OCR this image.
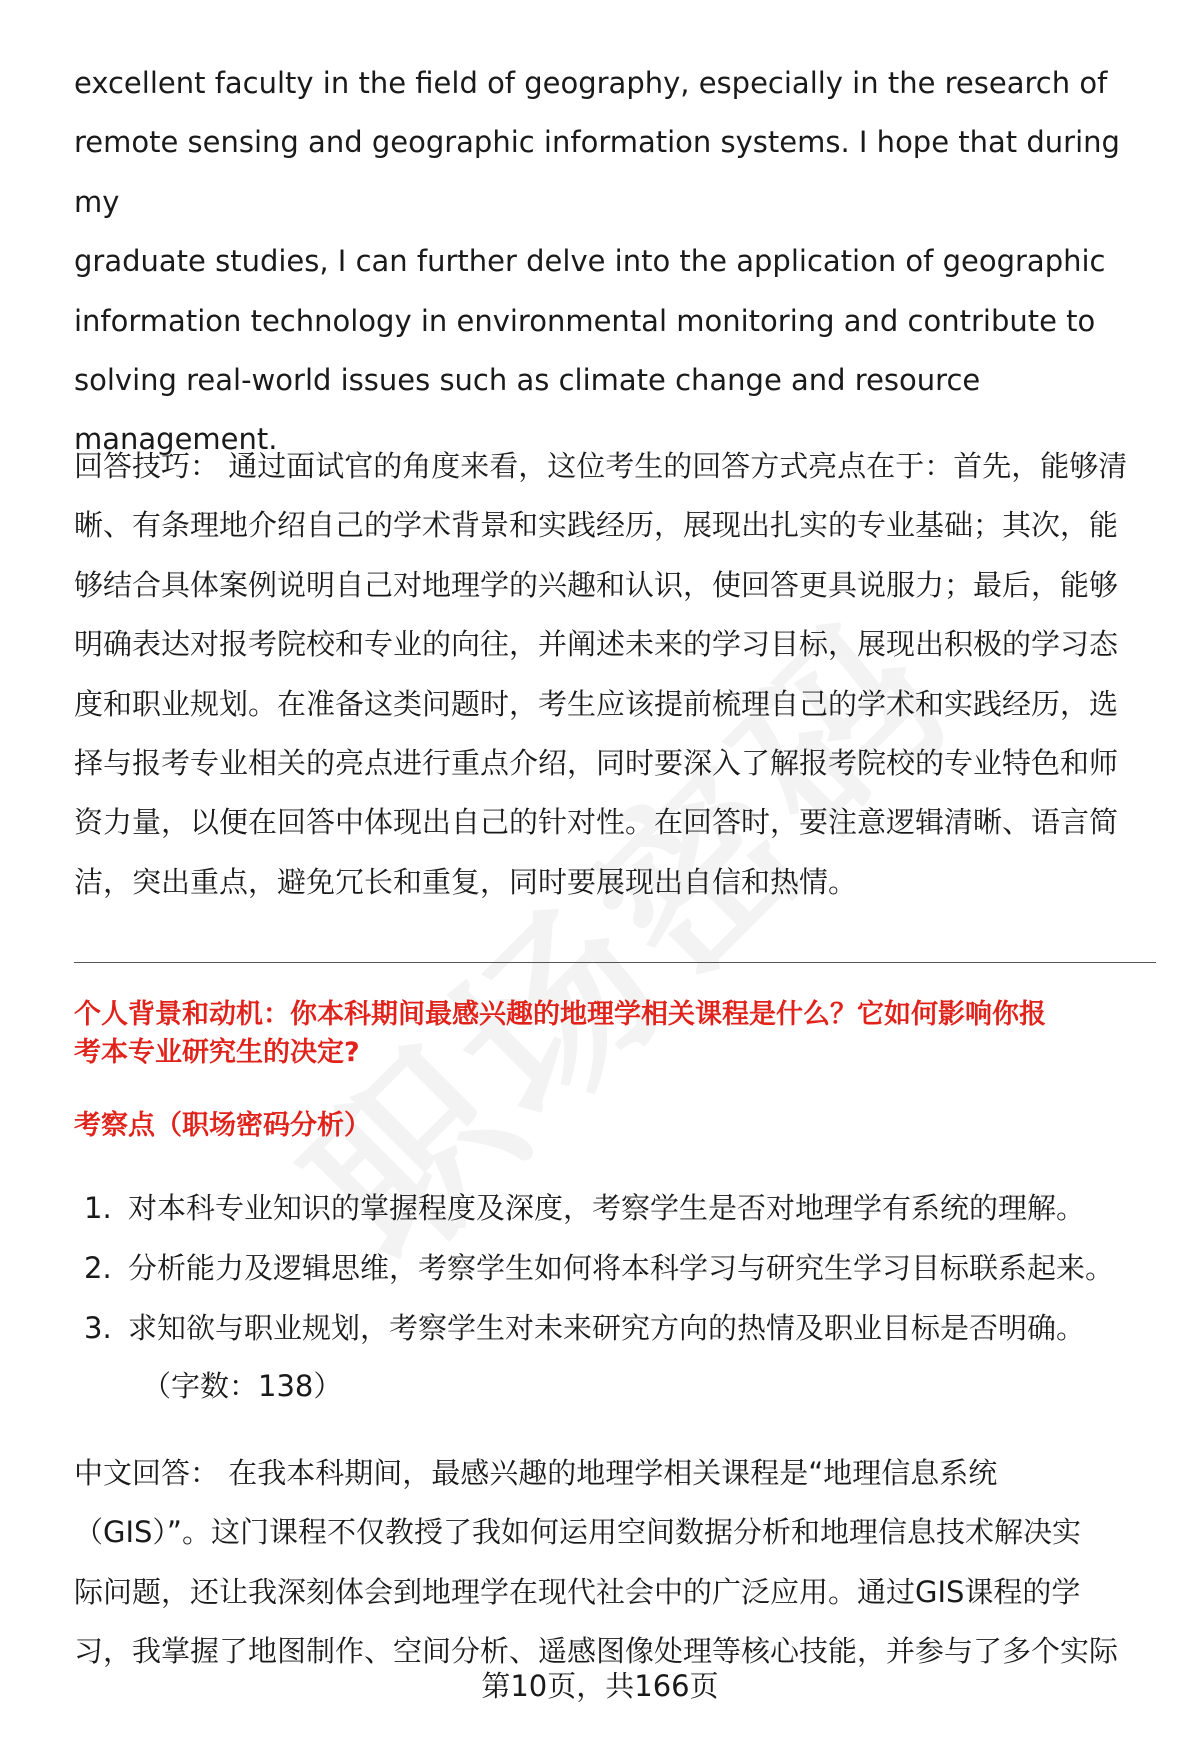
excellent faculty in the field of geography, especially in the research of

remote sensing and geographic information systems. I hope that during my

graduate studies, I can further delve into the application of geographic

information technology in environmental monitoring and contribute to

solving real-world issues such as climate change and resource

management.

回答技巧： 通过面试官的角度来看，这位考生的回答方式亮点在于：首先，能够清

晰、有条理地介绍自己的学术背景和实践经历，展现出扎实的专业基础；其次，能

够结合具体案例说明自己对地理学的兴趣和认识，使回答更具说服力；最后，能够

明确表达对报考院校和专业的向往，并阐述未来的学习目标，展现出积极的学习态

度和职业规划。在准备这类问题时，考生应该提前梳理自己的学术和实践经历，选

择与报考专业相关的亮点进行重点介绍，同时要深入了解报考院校的专业特色和师

资力量，以便在回答中体现出自己的针对性。在回答时，要注意逻辑清晰、语言简

洁，突出重点，避免冗长和重复，同时要展现出自信和热情。

个人背景和动机：你本科期间最感兴趣的地理学相关课程是什么？它如何影响你报

考本专业研究生的决定?

考察点（职场密码分析）
1. 对本科专业知识的掌握程度及深度，考察学生是否对地理学有系统的理解。
2. 分析能力及逻辑思维，考察学生如何将本科学习与研究生学习目标联系起来。
3. 求知欲与职业规划，考察学生对未来研究方向的热情及职业目标是否明确。
（字数：138）

中文回答： 在我本科期间，最感兴趣的地理学相关课程是“地理信息系统

（GIS）”。这门课程不仅教授了我如何运用空间数据分析和地理信息技术解决实

际问题，还让我深刻体会到地理学在现代社会中的广泛应用。通过GIS课程的学

习，我掌握了地图制作、空间分析、遥感图像处理等核心技能，并参与了多个实际

第10页，共166页
